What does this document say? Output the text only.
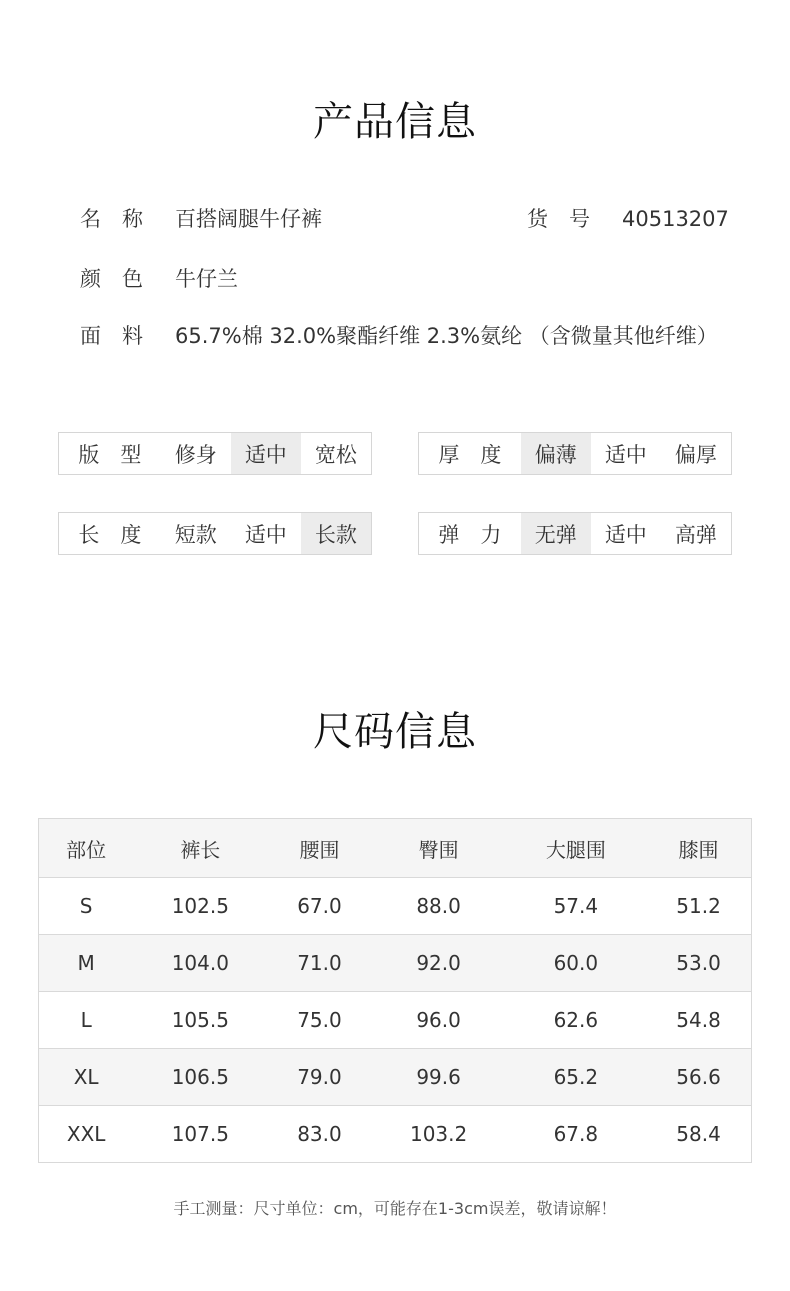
产品信息
名　称 百搭阔腿牛仔裤	货　号 40513207
颜　色 牛仔兰
面　料 65.7%棉 32.0%聚酯纤维 2.3%氨纶 （含微量其他纤维）
版　型	修身	适中	宽松	厚　度	偏薄	适中	偏厚
长　度	短款	适中	长款	弹　力	无弹	适中	高弹
尺码信息
部位	裤长	腰围	臀围	大腿围	膝围
S	102.5	67.0	88.0	57.4	51.2
M	104.0	71.0	92.0	60.0	53.0
L	105.5	75.0	96.0	62.6	54.8
XL	106.5	79.0	99.6	65.2	56.6
XXL	107.5	83.0	103.2	67.8	58.4
手工测量：尺寸单位：cm，可能存在1-3cm误差，敬请谅解！
